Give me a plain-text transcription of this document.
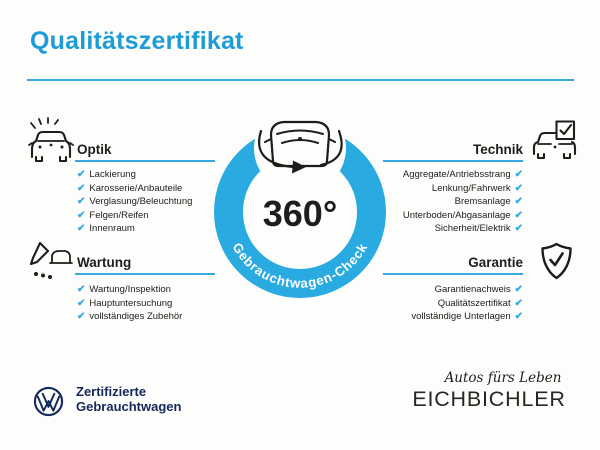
Qualitätszertifikat
Optik
✔ Lackierung
✔ Karosserie/Anbauteile
✔ Verglasung/Beleuchtung
✔ Felgen/Reifen
✔ Innenraum
Wartung
✔ Wartung/Inspektion
✔ Hauptuntersuchung
✔ vollständiges Zubehör
Technik
Aggregate/Antriebsstrang ✔
Lenkung/Fahrwerk ✔
Bremsanlage ✔
Unterboden/Abgasanlage ✔
Sicherheit/Elektrik ✔
Garantie
Garantienachweis ✔
Qualitätszertifikat ✔
vollständige Unterlagen ✔
360°
Gebrauchtwagen-Check
Zertifizierte
Gebrauchtwagen
Autos fürs Leben
EICHBICHLER
